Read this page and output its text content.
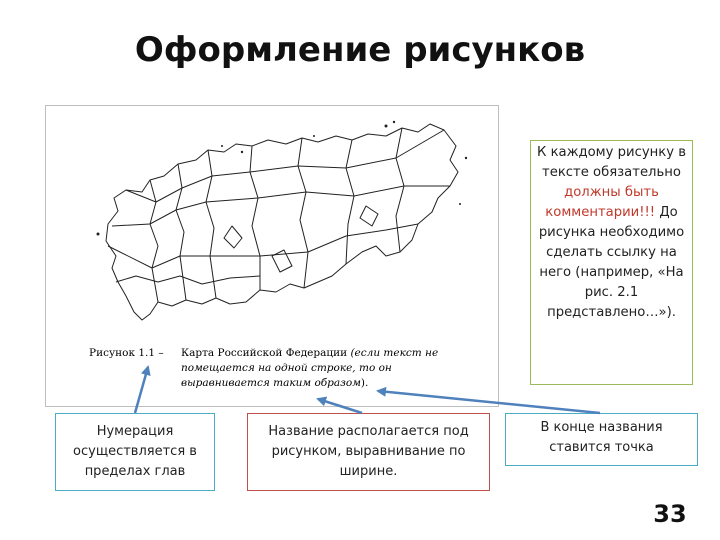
Оформление рисунков
Рисунок 1.1 – Карта Российской Федерации (если текст не помещается на одной строке, то он выравнивается таким образом).
К каждому рисунку в тексте обязательно должны быть комментарии!!! До рисунка необходимо сделать ссылку на него (например, «На рис. 2.1 представлено…»).
Нумерация осуществляется в пределах глав
Название располагается под рисунком, выравнивание по ширине.
В конце названия ставится точка
33
